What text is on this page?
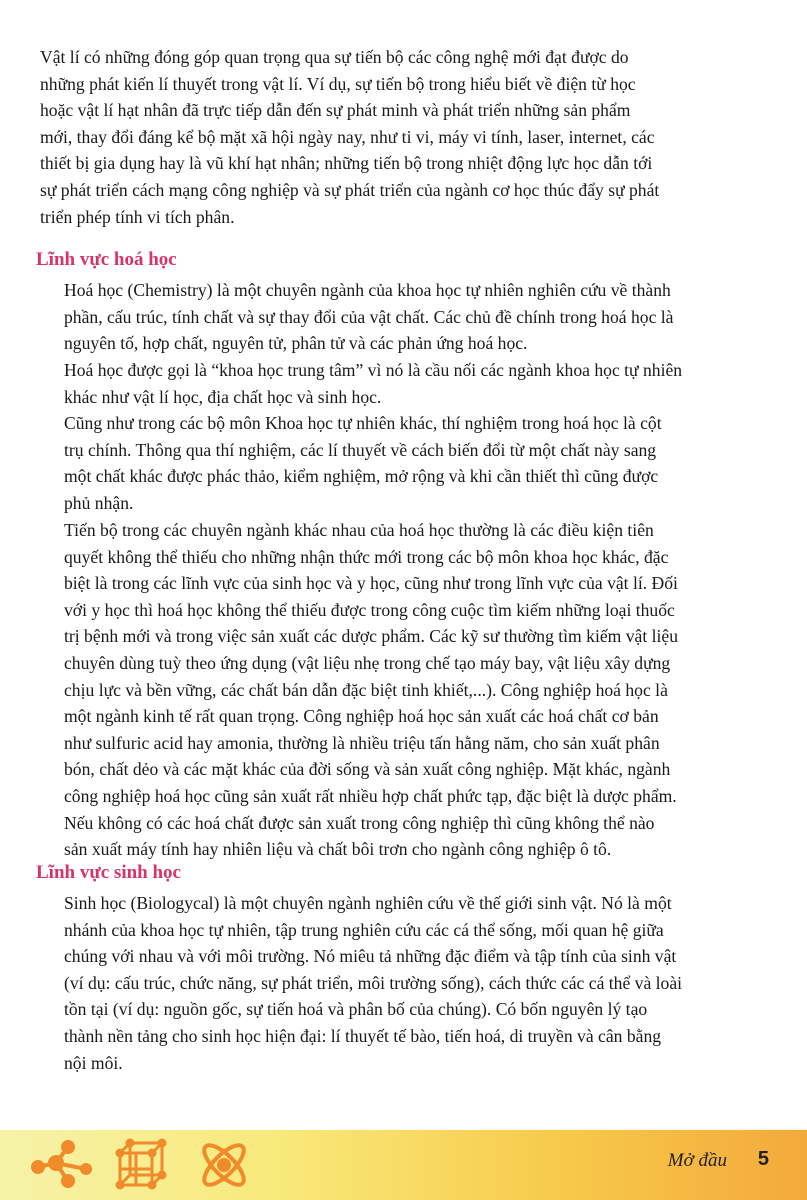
Vật lí có những đóng góp quan trọng qua sự tiến bộ các công nghệ mới đạt được do
những phát kiến lí thuyết trong vật lí. Ví dụ, sự tiến bộ trong hiểu biết về điện từ học
hoặc vật lí hạt nhân đã trực tiếp dẫn đến sự phát minh và phát triển những sản phẩm
mới, thay đổi đáng kể bộ mặt xã hội ngày nay, như ti vi, máy vi tính, laser, internet, các
thiết bị gia dụng hay là vũ khí hạt nhân; những tiến bộ trong nhiệt động lực học dẫn tới
sự phát triển cách mạng công nghiệp và sự phát triển của ngành cơ học thúc đẩy sự phát
triển phép tính vi tích phân.

Lĩnh vực hoá học

Hoá học (Chemistry) là một chuyên ngành của khoa học tự nhiên nghiên cứu về thành
phần, cấu trúc, tính chất và sự thay đổi của vật chất. Các chủ đề chính trong hoá học là
nguyên tố, hợp chất, nguyên tử, phân tử và các phản ứng hoá học.
Hoá học được gọi là “khoa học trung tâm” vì nó là cầu nối các ngành khoa học tự nhiên
khác như vật lí học, địa chất học và sinh học.
Cũng như trong các bộ môn Khoa học tự nhiên khác, thí nghiệm trong hoá học là cột
trụ chính. Thông qua thí nghiệm, các lí thuyết về cách biến đổi từ một chất này sang
một chất khác được phác thảo, kiểm nghiệm, mở rộng và khi cần thiết thì cũng được
phủ nhận.
Tiến bộ trong các chuyên ngành khác nhau của hoá học thường là các điều kiện tiên
quyết không thể thiếu cho những nhận thức mới trong các bộ môn khoa học khác, đặc
biệt là trong các lĩnh vực của sinh học và y học, cũng như trong lĩnh vực của vật lí. Đối
với y học thì hoá học không thể thiếu được trong công cuộc tìm kiếm những loại thuốc
trị bệnh mới và trong việc sản xuất các dược phẩm. Các kỹ sư thường tìm kiếm vật liệu
chuyên dùng tuỳ theo ứng dụng (vật liệu nhẹ trong chế tạo máy bay, vật liệu xây dựng
chịu lực và bền vững, các chất bán dẫn đặc biệt tinh khiết,...). Công nghiệp hoá học là
một ngành kinh tế rất quan trọng. Công nghiệp hoá học sản xuất các hoá chất cơ bản
như sulfuric acid hay amonia, thường là nhiều triệu tấn hằng năm, cho sản xuất phân
bón, chất dẻo và các mặt khác của đời sống và sản xuất công nghiệp. Mặt khác, ngành
công nghiệp hoá học cũng sản xuất rất nhiều hợp chất phức tạp, đặc biệt là dược phẩm.
Nếu không có các hoá chất được sản xuất trong công nghiệp thì cũng không thể nào
sản xuất máy tính hay nhiên liệu và chất bôi trơn cho ngành công nghiệp ô tô.

Lĩnh vực sinh học

Sinh học (Biologycal) là một chuyên ngành nghiên cứu về thế giới sinh vật. Nó là một
nhánh của khoa học tự nhiên, tập trung nghiên cứu các cá thể sống, mối quan hệ giữa
chúng với nhau và với môi trường. Nó miêu tả những đặc điểm và tập tính của sinh vật
(ví dụ: cấu trúc, chức năng, sự phát triển, môi trường sống), cách thức các cá thể và loài
tồn tại (ví dụ: nguồn gốc, sự tiến hoá và phân bố của chúng). Có bốn nguyên lý tạo
thành nền tảng cho sinh học hiện đại: lí thuyết tế bào, tiến hoá, di truyền và cân bằng
nội môi.
Mở đầu 5
